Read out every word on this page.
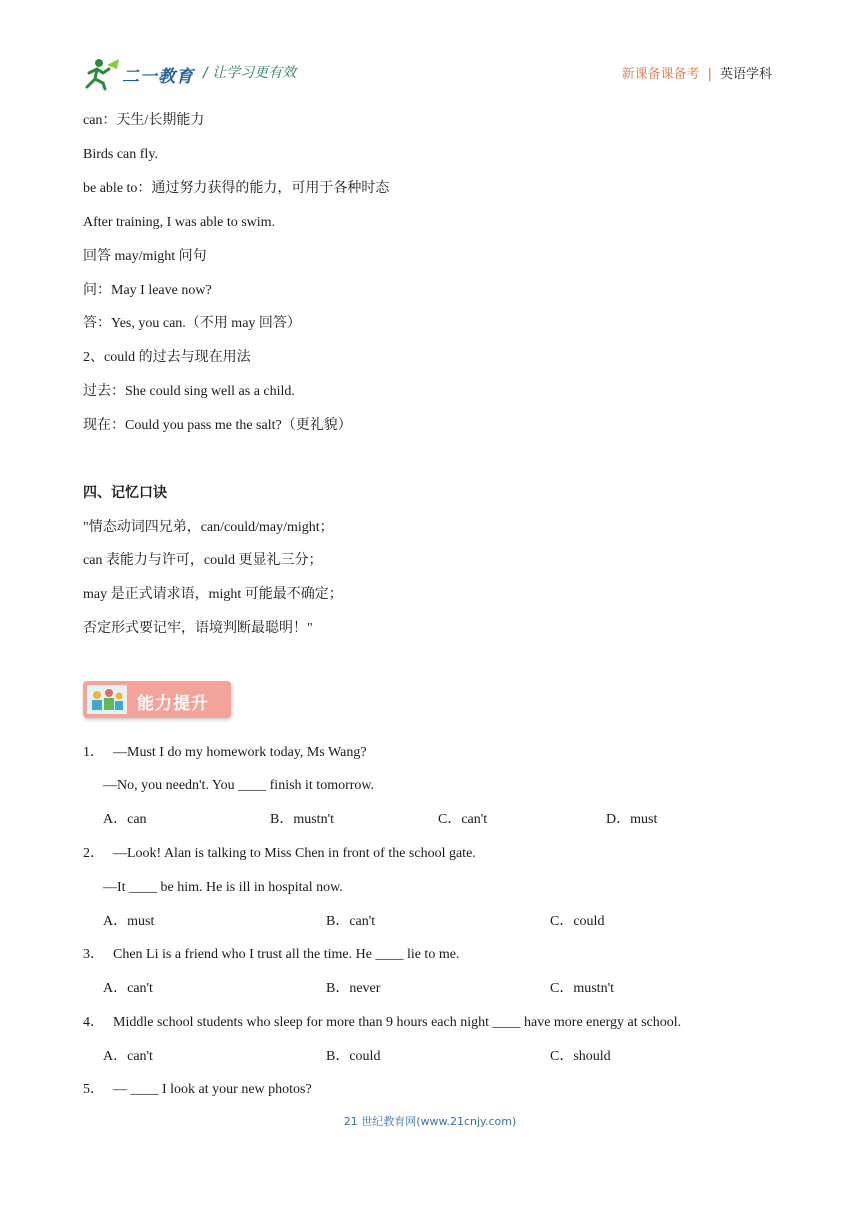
二一教育 / 让学习更有效	新课备课备考 | 英语学科
can：天生/长期能力
Birds can fly.
be able to：通过努力获得的能力，可用于各种时态
After training, I was able to swim.
回答 may/might 问句
问：May I leave now?
答：Yes, you can.（不用 may 回答）
2、could 的过去与现在用法
过去：She could sing well as a child.
现在：Could you pass me the salt?（更礼貌）
四、记忆口诀
"情态动词四兄弟，can/could/may/might；
can 表能力与许可，could 更显礼三分；
may 是正式请求语，might 可能最不确定；
否定形式要记牢，语境判断最聪明！"
能力提升
1． —Must I do my homework today, Ms Wang?
—No, you needn't. You ____ finish it tomorrow.
A．can	B．mustn't	C．can't	D．must
2． —Look! Alan is talking to Miss Chen in front of the school gate.
—It ____ be him. He is ill in hospital now.
A．must	B．can't	C．could
3． Chen Li is a friend who I trust all the time. He ____ lie to me.
A．can't	B．never	C．mustn't
4． Middle school students who sleep for more than 9 hours each night ____ have more energy at school.
A．can't	B．could	C．should
5． — ____ I look at your new photos?
21 世纪教育网(www.21cnjy.com)
